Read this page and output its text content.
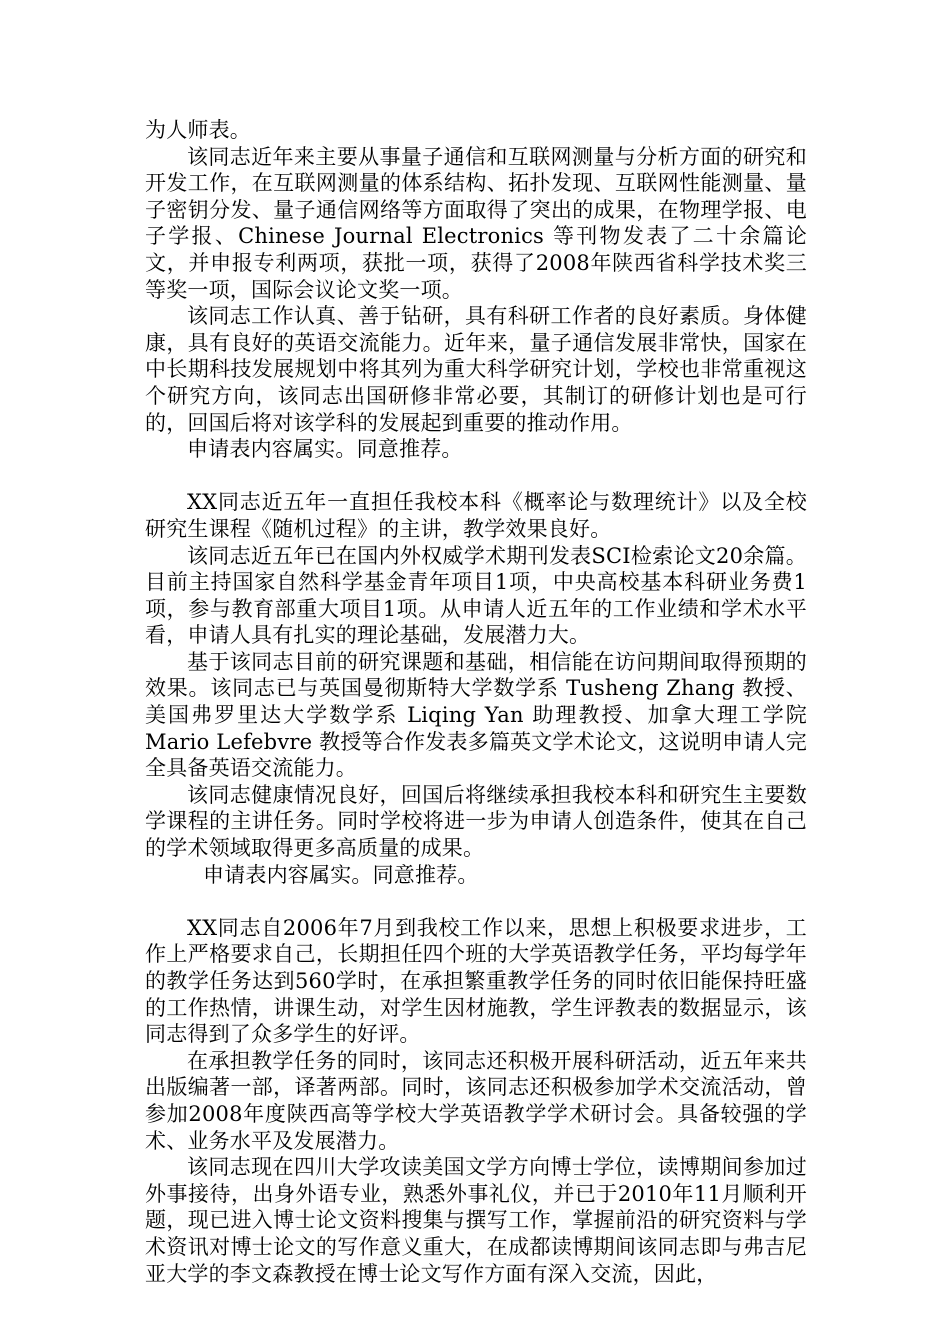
为人师表。

该同志近年来主要从事量子通信和互联网测量与分析方面的研究和开发工作，在互联网测量的体系结构、拓扑发现、互联网性能测量、量子密钥分发、量子通信网络等方面取得了突出的成果，在物理学报、电子学报、Chinese Journal Electronics 等刊物发表了二十余篇论文，并申报专利两项，获批一项，获得了2008年陕西省科学技术奖三等奖一项，国际会议论文奖一项。

该同志工作认真、善于钻研，具有科研工作者的良好素质。身体健康，具有良好的英语交流能力。近年来，量子通信发展非常快，国家在中长期科技发展规划中将其列为重大科学研究计划，学校也非常重视这个研究方向，该同志出国研修非常必要，其制订的研修计划也是可行的，回国后将对该学科的发展起到重要的推动作用。

申请表内容属实。同意推荐。

XX同志近五年一直担任我校本科《概率论与数理统计》以及全校研究生课程《随机过程》的主讲，教学效果良好。

该同志近五年已在国内外权威学术期刊发表SCI检索论文20余篇。目前主持国家自然科学基金青年项目1项，中央高校基本科研业务费1项，参与教育部重大项目1项。从申请人近五年的工作业绩和学术水平看，申请人具有扎实的理论基础，发展潜力大。

基于该同志目前的研究课题和基础，相信能在访问期间取得预期的效果。该同志已与英国曼彻斯特大学数学系 Tusheng Zhang 教授、美国弗罗里达大学数学系 Liqing Yan 助理教授、加拿大理工学院 Mario Lefebvre 教授等合作发表多篇英文学术论文，这说明申请人完全具备英语交流能力。

该同志健康情况良好，回国后将继续承担我校本科和研究生主要数学课程的主讲任务。同时学校将进一步为申请人创造条件，使其在自己的学术领域取得更多高质量的成果。

申请表内容属实。同意推荐。

XX同志自2006年7月到我校工作以来，思想上积极要求进步，工作上严格要求自己，长期担任四个班的大学英语教学任务，平均每学年的教学任务达到560学时，在承担繁重教学任务的同时依旧能保持旺盛的工作热情，讲课生动，对学生因材施教，学生评教表的数据显示，该同志得到了众多学生的好评。

在承担教学任务的同时，该同志还积极开展科研活动，近五年来共出版编著一部，译著两部。同时，该同志还积极参加学术交流活动，曾参加2008年度陕西高等学校大学英语教学学术研讨会。具备较强的学术、业务水平及发展潜力。

该同志现在四川大学攻读美国文学方向博士学位，读博期间参加过外事接待，出身外语专业，熟悉外事礼仪，并已于2010年11月顺利开题，现已进入博士论文资料搜集与撰写工作，掌握前沿的研究资料与学术资讯对博士论文的写作意义重大，在成都读博期间该同志即与弗吉尼亚大学的李文森教授在博士论文写作方面有深入交流，因此，
